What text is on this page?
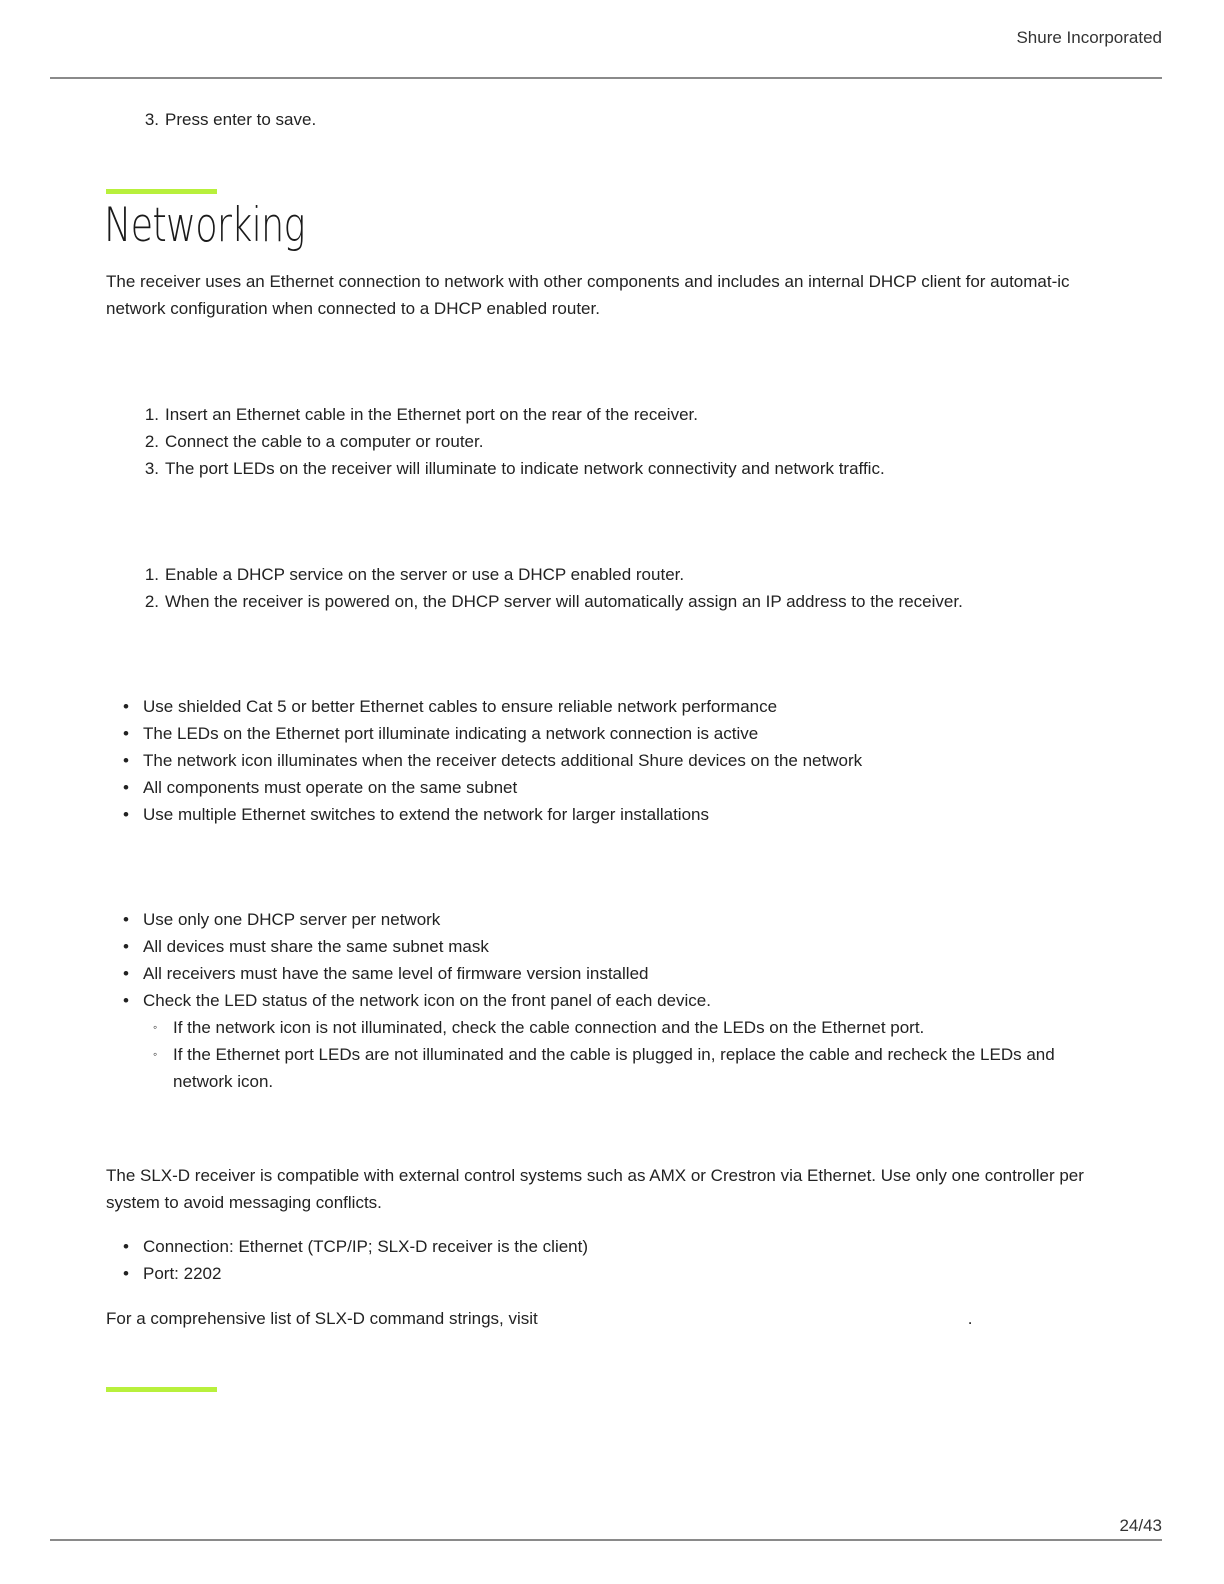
Shure Incorporated
3. Press enter to save.
Networking

The receiver uses an Ethernet connection to network with other components and includes an internal DHCP client for automat-ic network configuration when connected to a DHCP enabled router.

1. Insert an Ethernet cable in the Ethernet port on the rear of the receiver.
2. Connect the cable to a computer or router.
3. The port LEDs on the receiver will illuminate to indicate network connectivity and network traffic.
1. Enable a DHCP service on the server or use a DHCP enabled router.
2. When the receiver is powered on, the DHCP server will automatically assign an IP address to the receiver.
• Use shielded Cat 5 or better Ethernet cables to ensure reliable network performance
• The LEDs on the Ethernet port illuminate indicating a network connection is active
• The network icon illuminates when the receiver detects additional Shure devices on the network
• All components must operate on the same subnet
• Use multiple Ethernet switches to extend the network for larger installations
• Use only one DHCP server per network
• All devices must share the same subnet mask
• All receivers must have the same level of firmware version installed
• Check the LED status of the network icon on the front panel of each device.
◦ If the network icon is not illuminated, check the cable connection and the LEDs on the Ethernet port.
◦ If the Ethernet port LEDs are not illuminated and the cable is plugged in, replace the cable and recheck the LEDs and network icon.

The SLX-D receiver is compatible with external control systems such as AMX or Crestron via Ethernet. Use only one controller per system to avoid messaging conflicts.

• Connection: Ethernet (TCP/IP; SLX-D receiver is the client)
• Port: 2202

For a comprehensive list of SLX-D command strings, visit	.

24/43
